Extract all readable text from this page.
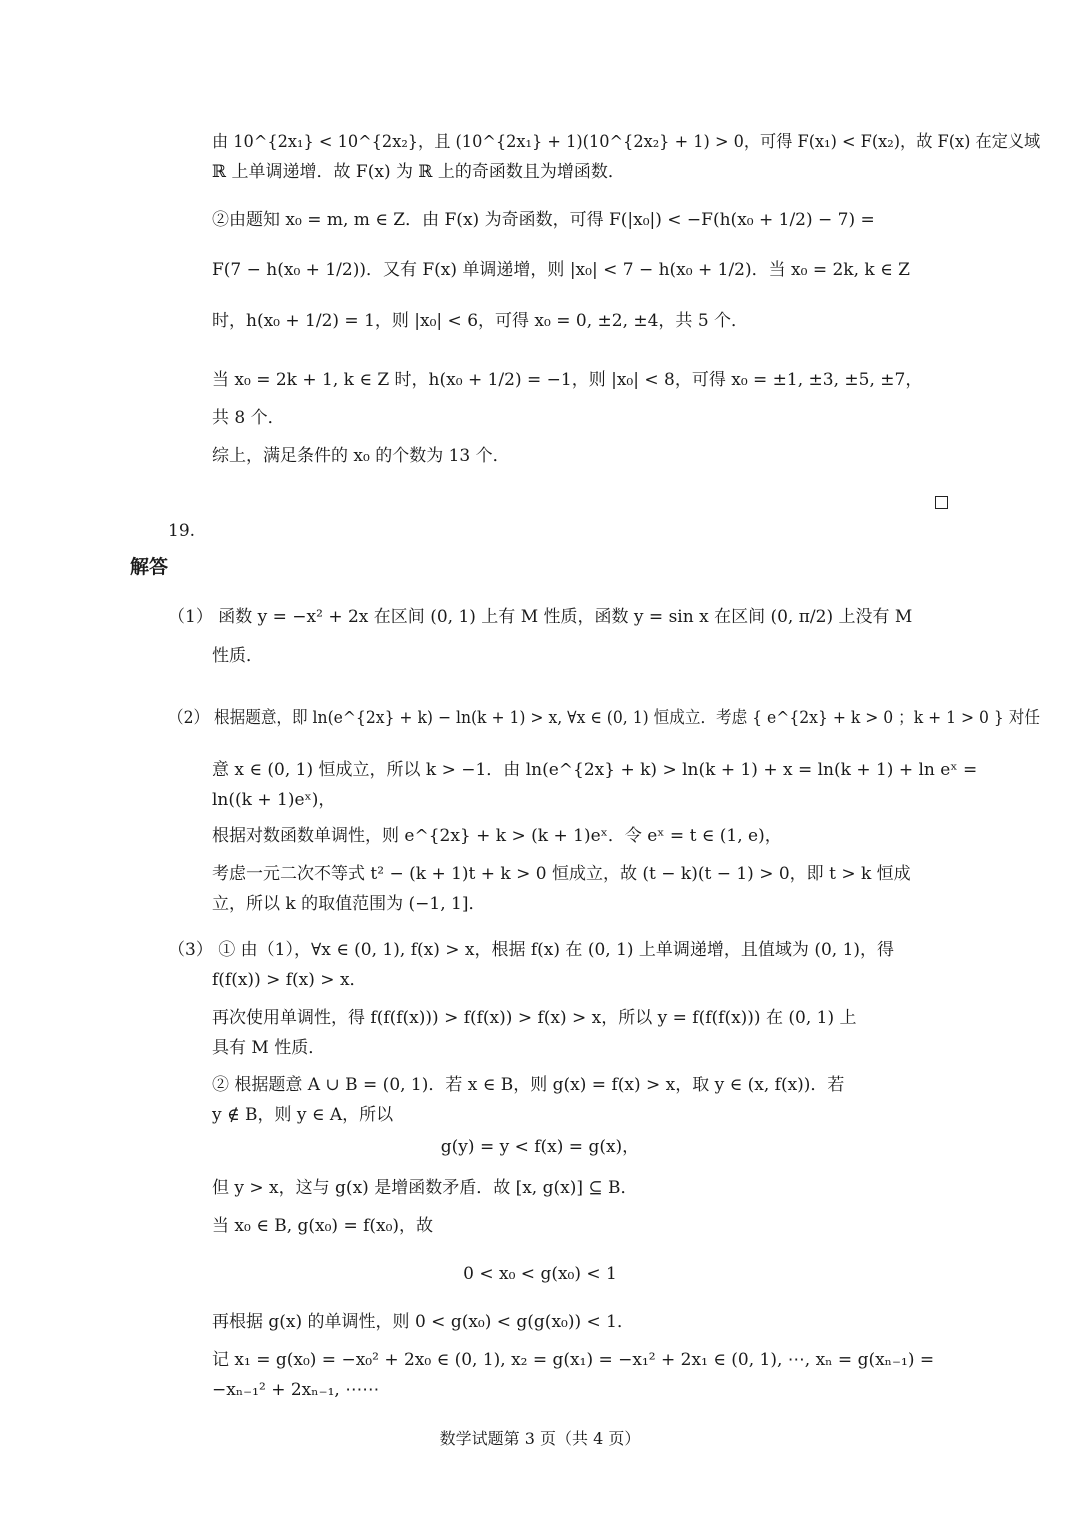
由 10^{2x₁} < 10^{2x₂}，且 (10^{2x₁} + 1)(10^{2x₂} + 1) > 0，可得 F(x₁) < F(x₂)，故 F(x) 在定义域
ℝ 上单调递增．故 F(x) 为 ℝ 上的奇函数且为增函数．
②由题知 x₀ = m, m ∈ Z．由 F(x) 为奇函数，可得 F(|x₀|) < −F(h(x₀ + 1/2) − 7) =
F(7 − h(x₀ + 1/2))．又有 F(x) 单调递增，则 |x₀| < 7 − h(x₀ + 1/2)．当 x₀ = 2k, k ∈ Z
时，h(x₀ + 1/2) = 1，则 |x₀| < 6，可得 x₀ = 0, ±2, ±4，共 5 个．
当 x₀ = 2k + 1, k ∈ Z 时，h(x₀ + 1/2) = −1，则 |x₀| < 8，可得 x₀ = ±1, ±3, ±5, ±7，
共 8 个．
综上，满足条件的 x₀ 的个数为 13 个．
19.
解答
（1） 函数 y = −x² + 2x 在区间 (0, 1) 上有 M 性质，函数 y = sin x 在区间 (0, π/2) 上没有 M
性质．
（2） 根据题意，即 ln(e^{2x} + k) − ln(k + 1) > x, ∀x ∈ (0, 1) 恒成立．考虑 { e^{2x} + k > 0 ；k + 1 > 0 } 对任
意 x ∈ (0, 1) 恒成立，所以 k > −1．由 ln(e^{2x} + k) > ln(k + 1) + x = ln(k + 1) + ln eˣ =
ln((k + 1)eˣ)，
根据对数函数单调性，则 e^{2x} + k > (k + 1)eˣ．令 eˣ = t ∈ (1, e)，
考虑一元二次不等式 t² − (k + 1)t + k > 0 恒成立，故 (t − k)(t − 1) > 0，即 t > k 恒成
立，所以 k 的取值范围为 (−1, 1]．
（3） ① 由（1），∀x ∈ (0, 1), f(x) > x，根据 f(x) 在 (0, 1) 上单调递增，且值域为 (0, 1)，得
f(f(x)) > f(x) > x．
再次使用单调性，得 f(f(f(x))) > f(f(x)) > f(x) > x，所以 y = f(f(f(x))) 在 (0, 1) 上
具有 M 性质．
② 根据题意 A ∪ B = (0, 1)．若 x ∈ B，则 g(x) = f(x) > x，取 y ∈ (x, f(x))．若
y ∉ B，则 y ∈ A，所以
g(y) = y < f(x) = g(x)，
但 y > x，这与 g(x) 是增函数矛盾．故 [x, g(x)] ⊆ B．
当 x₀ ∈ B, g(x₀) = f(x₀)，故
0 < x₀ < g(x₀) < 1
再根据 g(x) 的单调性，则 0 < g(x₀) < g(g(x₀)) < 1．
记 x₁ = g(x₀) = −x₀² + 2x₀ ∈ (0, 1), x₂ = g(x₁) = −x₁² + 2x₁ ∈ (0, 1), ⋯, xₙ = g(xₙ₋₁) =
−xₙ₋₁² + 2xₙ₋₁, ⋯⋯
数学试题第 3 页（共 4 页）
